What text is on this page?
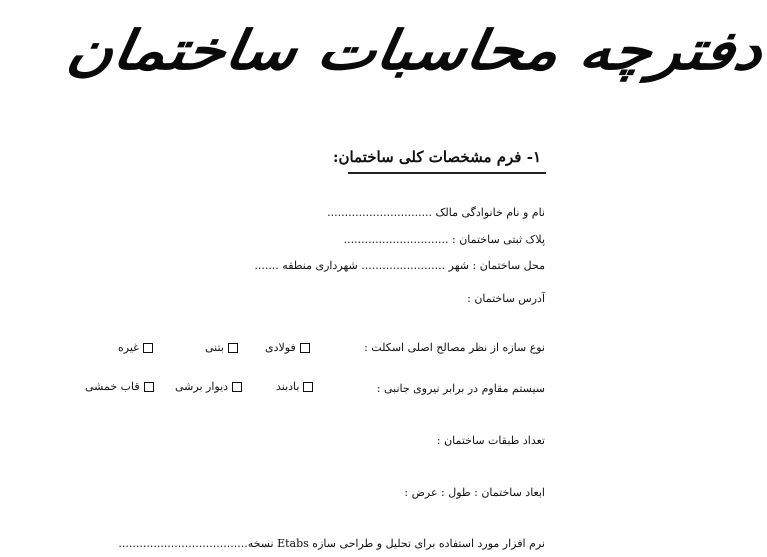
دفترچه محاسبات ساختمان
۱- فرم مشخصات کلی ساختمان:
نام و نام خانوادگی مالک ..............................
پلاک ثبتی ساختمان : ..............................
محل ساختمان : شهر ........................ شهرداری منطقه .......
آدرس ساختمان :
نوع سازه از نظر مصالح اصلی اسکلت :
فولادی
بتنی
غیره
سیستم مقاوم در برابر نیروی جانبی :
بادبند
دیوار برشی
قاب خمشی
تعداد طبقات ساختمان :
ابعاد ساختمان : طول : عرض :
نرم افزار مورد استفاده برای تحلیل و طراحی سازه Etabs نسخه.....................................
